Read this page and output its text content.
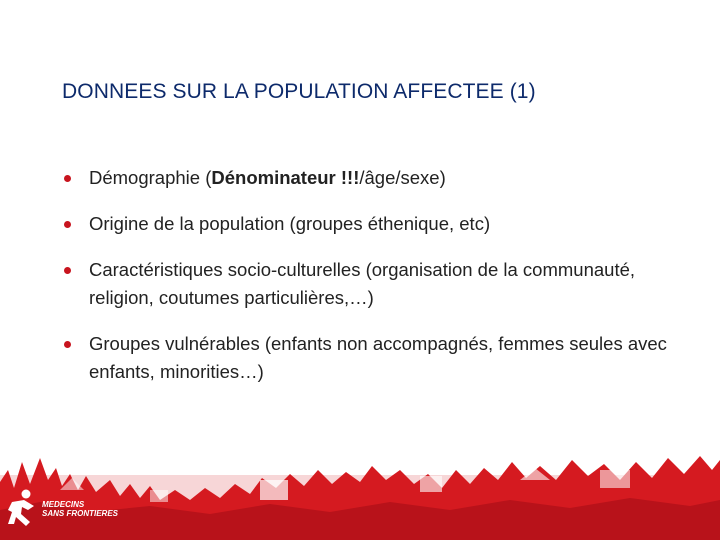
DONNEES SUR LA POPULATION AFFECTEE (1)
Démographie (Dénominateur !!!/âge/sexe)
Origine de la population (groupes éthenique, etc)
Caractéristiques socio-culturelles (organisation de la communauté, religion, coutumes particulières,…)
Groupes vulnérables (enfants non accompagnés, femmes seules avec enfants, minorities…)
MEDECINS
SANS FRONTIERES
